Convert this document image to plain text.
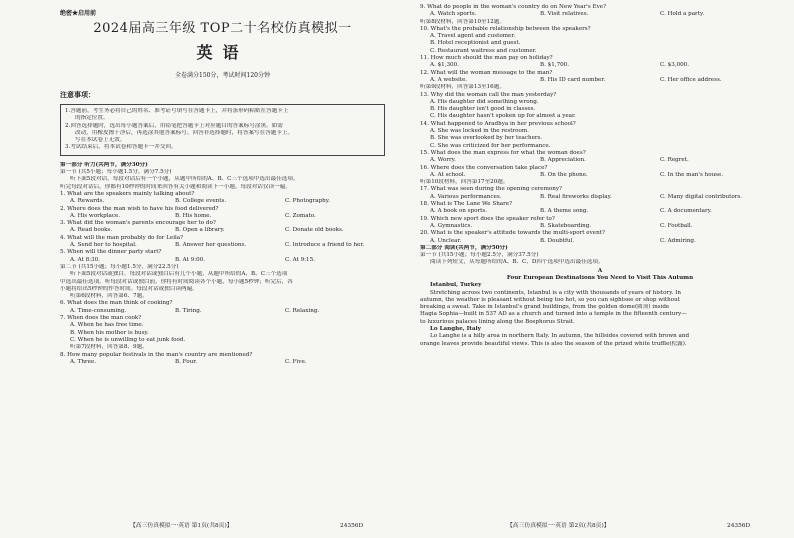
绝密★启用前
2024届高三年级 TOP二十名校仿真模拟一
英语
全卷满分150分，考试时间120分钟
注意事项：
1.答题前，考生务必将自己的姓名、准考证号填写在答题卡上，并将条形码粘贴在答题卡上
的指定位置。
2.回答选择题时，选出每小题答案后，用铅笔把答题卡上对应题目的答案标号涂黑。如需
改动，用橡皮擦干净后，再选涂其他答案标号。回答非选择题时，将答案写在答题卡上。
写在本试卷上无效。
3.考试结束后，将本试卷和答题卡一并交回。
第一部分 听力(共两节，满分30分)
第一节 (共5小题；每小题1.5分，满分7.5分)
听下面5段对话。每段对话后有一个小题，从题中所给的A、B、C三个选项中选出最佳选项。
听完每段对话后，你都有10秒钟的时间来回答有关小题和阅读下一小题。每段对话仅读一遍。
1. What are the speakers mainly talking about?
A. Rewards.	B. College events.	C. Photography.
2. Where does the man wish to have his food delivered?
A. His workplace.	B. His home.	C. Zomato.
3. What did the woman's parents encourage her to do?
A. Read books.	B. Open a library.	C. Donate old books.
4. What will the man probably do for Leila?
A. Send her to hospital.	B. Answer her questions.	C. Introduce a friend to her.
5. When will the dinner party start?
A. At 8:30.	B. At 9:00.	C. At 9:15.
第二节 (共15小题；每小题1.5分，满分22.5分)
听下面5段对话或独白。每段对话或独白后有几个小题，从题中所给的A、B、C三个选项
中选出最佳选项。听每段对话或独白前，你将有时间阅读各个小题，每小题5秒钟；听完后，各
小题将给出5秒钟的作答时间。每段对话或独白读两遍。
听第6段材料，回答第6、7题。
6. What does the man think of cooking?
A. Time-consuming.	B. Tiring.	C. Relaxing.
7. When does the man cook?
A. When he has free time.
B. When his mother is busy.
C. When he is unwilling to eat junk food.
听第7段材料，回答第8、9题。
8. How many popular festivals in the man's country are mentioned?
A. Three.	B. Four.	C. Five.
【高三仿真模拟一·英语 第1页(共8页)】	24356D
9. What do people in the woman's country do on New Year's Eve?
A. Watch sports.	B. Visit relatives.	C. Hold a party.
听第8段材料，回答第10至12题。
10. What's the probable relationship between the speakers?
A. Travel agent and customer.
B. Hotel receptionist and guest.
C. Restaurant waitress and customer.
11. How much should the man pay on holiday?
A. $1,300.	B. $1,700.	C. $3,000.
12. What will the woman message to the man?
A. A website.	B. His ID card number.	C. Her office address.
听第9段材料，回答第13至16题。
13. Why did the woman call the man yesterday?
A. His daughter did something wrong.
B. His daughter isn't good in classes.
C. His daughter hasn't spoken up for almost a year.
14. What happened to Aradhya in her previous school?
A. She was locked in the restroom.
B. She was overlooked by her teachers.
C. She was criticized for her performance.
15. What does the man express for what the woman does?
A. Worry.	B. Appreciation.	C. Regret.
16. Where does the conversation take place?
A. At school.	B. On the phone.	C. In the man's house.
听第10段材料，回答第17至20题。
17. What was seen during the opening ceremony?
A. Various performances.	B. Real fireworks display.	C. Many digital contributors.
18. What is The Lane We Share?
A. A book on sports.	B. A theme song.	C. A documentary.
19. Which new sport does the speaker refer to?
A. Gymnastics.	B. Skateboarding.	C. Football.
20. What is the speaker's attitude towards the multi-sport event?
A. Unclear.	B. Doubtful.	C. Admiring.
第二部分 阅读(共两节，满分50分)
第一节 (共15小题；每小题2.5分，满分37.5分)
阅读下列短文，从每题所给的A、B、C、D四个选项中选出最佳选项。
A
Four European Destinations You Need to Visit This Autumn
Istanbul, Turkey
Stretching across two continents, Istanbul is a city with thousands of years of history. In
autumn, the weather is pleasant without being too hot, so you can sightsee or shop without
breaking a sweat. Take in Istanbul's grand buildings, from the golden dome(圆顶) inside
Hagia Sophia—built in 537 AD as a church and turned into a temple in the fifteenth century—
to luxurious palaces lining along the Bosphorus Strait.
Lo Langhe, Italy
Lo Langhe is a hilly area in northern Italy. In autumn, the hillsides covered with brown and
orange leaves provide beautiful views. This is also the season of the prized white truffle(松露).
【高三仿真模拟一·英语 第2页(共8页)】	24356D
